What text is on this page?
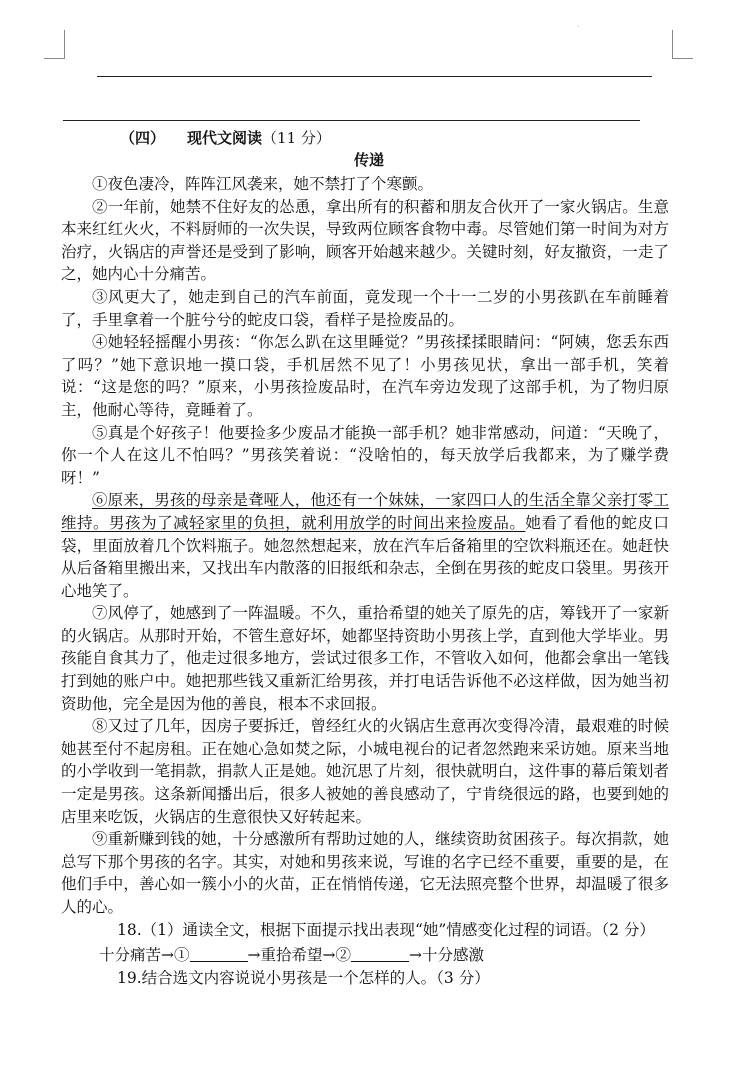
·
（四） 现代文阅读（11 分）
传递

①夜色凄冷，阵阵江风袭来，她不禁打了个寒颤。

②一年前，她禁不住好友的怂恿，拿出所有的积蓄和朋友合伙开了一家火锅店。生意本来红红火火，不料厨师的一次失误，导致两位顾客食物中毒。尽管她们第一时间为对方治疗，火锅店的声誉还是受到了影响，顾客开始越来越少。关键时刻，好友撤资，一走了之，她内心十分痛苦。

③风更大了，她走到自己的汽车前面，竟发现一个十一二岁的小男孩趴在车前睡着了，手里拿着一个脏兮兮的蛇皮口袋，看样子是捡废品的。

④她轻轻摇醒小男孩：“你怎么趴在这里睡觉？”男孩揉揉眼睛问：“阿姨，您丢东西了吗？”她下意识地一摸口袋，手机居然不见了！小男孩见状，拿出一部手机，笑着说：“这是您的吗？”原来，小男孩捡废品时，在汽车旁边发现了这部手机，为了物归原主，他耐心等待，竟睡着了。

⑤真是个好孩子！他要捡多少废品才能换一部手机？她非常感动，问道：“天晚了，你一个人在这儿不怕吗？”男孩笑着说：“没啥怕的，每天放学后我都来，为了赚学费呀！”

⑥原来，男孩的母亲是聋哑人，他还有一个妹妹，一家四口人的生活全靠父亲打零工维持。男孩为了减轻家里的负担，就利用放学的时间出来捡废品。她看了看他的蛇皮口袋，里面放着几个饮料瓶子。她忽然想起来，放在汽车后备箱里的空饮料瓶还在。她赶快从后备箱里搬出来，又找出车内散落的旧报纸和杂志，全倒在男孩的蛇皮口袋里。男孩开心地笑了。

⑦风停了，她感到了一阵温暖。不久，重拾希望的她关了原先的店，筹钱开了一家新的火锅店。从那时开始，不管生意好坏，她都坚持资助小男孩上学，直到他大学毕业。男孩能自食其力了，他走过很多地方，尝试过很多工作，不管收入如何，他都会拿出一笔钱打到她的账户中。她把那些钱又重新汇给男孩，并打电话告诉他不必这样做，因为她当初资助他，完全是因为他的善良，根本不求回报。

⑧又过了几年，因房子要拆迁，曾经红火的火锅店生意再次变得冷清，最艰难的时候她甚至付不起房租。正在她心急如焚之际，小城电视台的记者忽然跑来采访她。原来当地的小学收到一笔捐款，捐款人正是她。她沉思了片刻，很快就明白，这件事的幕后策划者一定是男孩。这条新闻播出后，很多人被她的善良感动了，宁肯绕很远的路，也要到她的店里来吃饭，火锅店的生意很快又好转起来。

⑨重新赚到钱的她，十分感激所有帮助过她的人，继续资助贫困孩子。每次捐款，她总写下那个男孩的名字。其实，对她和男孩来说，写谁的名字已经不重要，重要的是，在他们手中，善心如一簇小小的火苗，正在悄悄传递，它无法照亮整个世界，却温暖了很多人的心。

18.（1）通读全文，根据下面提示找出表现“她”情感变化过程的词语。（2 分）

十分痛苦→①	→重拾希望→②	→十分感激

19.结合选文内容说说小男孩是一个怎样的人。（3 分）
